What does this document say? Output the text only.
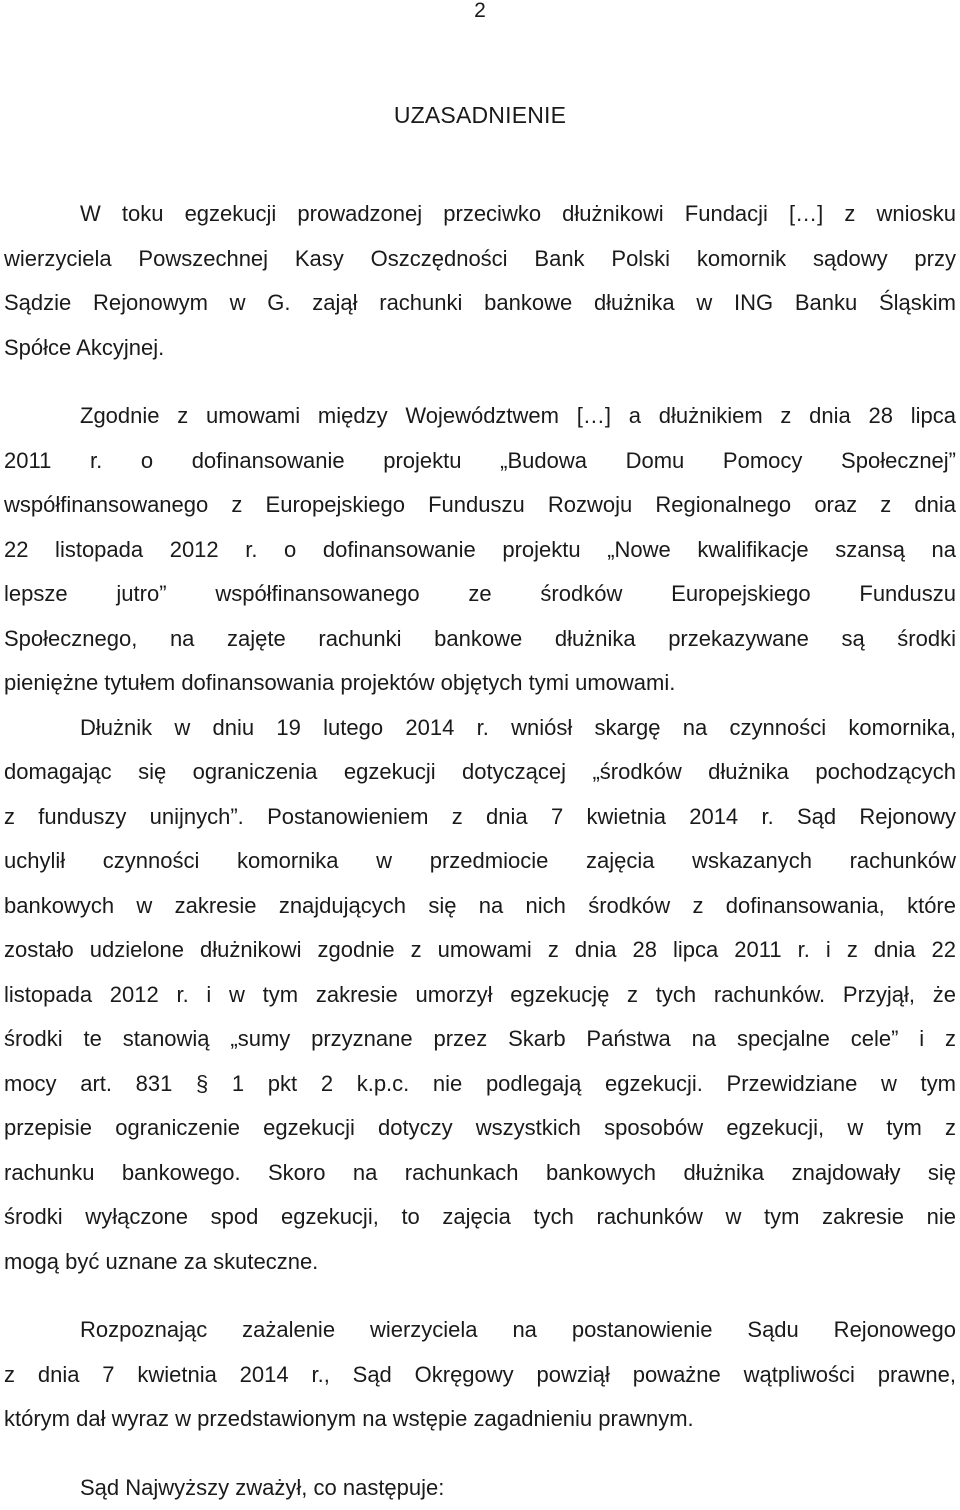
2
UZASADNIENIE
W toku egzekucji prowadzonej przeciwko dłużnikowi Fundacji […] z wniosku
wierzyciela Powszechnej Kasy Oszczędności Bank Polski komornik sądowy przy
Sądzie Rejonowym w G. zajął rachunki bankowe dłużnika w ING Banku Śląskim
Spółce Akcyjnej.
Zgodnie z umowami między Województwem […] a dłużnikiem z dnia 28 lipca
2011 r. o dofinansowanie projektu „Budowa Domu Pomocy Społecznej”
współfinansowanego z Europejskiego Funduszu Rozwoju Regionalnego oraz z dnia
22 listopada 2012 r. o dofinansowanie projektu „Nowe kwalifikacje szansą na
lepsze jutro” współfinansowanego ze środków Europejskiego Funduszu
Społecznego, na zajęte rachunki bankowe dłużnika przekazywane są środki
pieniężne tytułem dofinansowania projektów objętych tymi umowami.
Dłużnik w dniu 19 lutego 2014 r. wniósł skargę na czynności komornika,
domagając się ograniczenia egzekucji dotyczącej „środków dłużnika pochodzących
z funduszy unijnych”. Postanowieniem z dnia 7 kwietnia 2014 r. Sąd Rejonowy
uchylił czynności komornika w przedmiocie zajęcia wskazanych rachunków
bankowych w zakresie znajdujących się na nich środków z dofinansowania, które
zostało udzielone dłużnikowi zgodnie z umowami z dnia 28 lipca 2011 r. i z dnia 22
listopada 2012 r. i w tym zakresie umorzył egzekucję z tych rachunków. Przyjął, że
środki te stanowią „sumy przyznane przez Skarb Państwa na specjalne cele” i z
mocy art. 831 § 1 pkt 2 k.p.c. nie podlegają egzekucji. Przewidziane w tym
przepisie ograniczenie egzekucji dotyczy wszystkich sposobów egzekucji, w tym z
rachunku bankowego. Skoro na rachunkach bankowych dłużnika znajdowały się
środki wyłączone spod egzekucji, to zajęcia tych rachunków w tym zakresie nie
mogą być uznane za skuteczne.
Rozpoznając zażalenie wierzyciela na postanowienie Sądu Rejonowego
z dnia 7 kwietnia 2014 r., Sąd Okręgowy powziął poważne wątpliwości prawne,
którym dał wyraz w przedstawionym na wstępie zagadnieniu prawnym.
Sąd Najwyższy zważył, co następuje:
